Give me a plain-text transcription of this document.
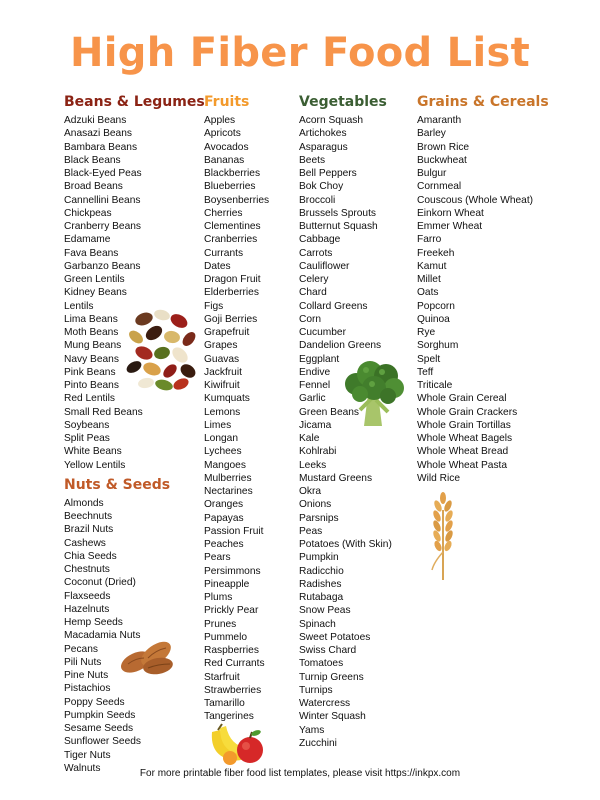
High Fiber Food List
Beans & Legumes
Adzuki Beans
Anasazi Beans
Bambara Beans
Black Beans
Black-Eyed Peas
Broad Beans
Cannellini Beans
Chickpeas
Cranberry Beans
Edamame
Fava Beans
Garbanzo Beans
Green Lentils
Kidney Beans
Lentils
Lima Beans
Moth Beans
Mung Beans
Navy Beans
Pink Beans
Pinto Beans
Red Lentils
Small Red Beans
Soybeans
Split Peas
White Beans
Yellow Lentils
Nuts & Seeds
Almonds
Beechnuts
Brazil Nuts
Cashews
Chia Seeds
Chestnuts
Coconut (Dried)
Flaxseeds
Hazelnuts
Hemp Seeds
Macadamia Nuts
Pecans
Pili Nuts
Pine Nuts
Pistachios
Poppy Seeds
Pumpkin Seeds
Sesame Seeds
Sunflower Seeds
Tiger Nuts
Walnuts
Fruits
Apples
Apricots
Avocados
Bananas
Blackberries
Blueberries
Boysenberries
Cherries
Clementines
Cranberries
Currants
Dates
Dragon Fruit
Elderberries
Figs
Goji Berries
Grapefruit
Grapes
Guavas
Jackfruit
Kiwifruit
Kumquats
Lemons
Limes
Longan
Lychees
Mangoes
Mulberries
Nectarines
Oranges
Papayas
Passion Fruit
Peaches
Pears
Persimmons
Pineapple
Plums
Prickly Pear
Prunes
Pummelo
Raspberries
Red Currants
Starfruit
Strawberries
Tamarillo
Tangerines
Vegetables
Acorn Squash
Artichokes
Asparagus
Beets
Bell Peppers
Bok Choy
Broccoli
Brussels Sprouts
Butternut Squash
Cabbage
Carrots
Cauliflower
Celery
Chard
Collard Greens
Corn
Cucumber
Dandelion Greens
Eggplant
Endive
Fennel
Garlic
Green Beans
Jicama
Kale
Kohlrabi
Leeks
Mustard Greens
Okra
Onions
Parsnips
Peas
Potatoes (With Skin)
Pumpkin
Radicchio
Radishes
Rutabaga
Snow Peas
Spinach
Sweet Potatoes
Swiss Chard
Tomatoes
Turnip Greens
Turnips
Watercress
Winter Squash
Yams
Zucchini
Grains & Cereals
Amaranth
Barley
Brown Rice
Buckwheat
Bulgur
Cornmeal
Couscous (Whole Wheat)
Einkorn Wheat
Emmer Wheat
Farro
Freekeh
Kamut
Millet
Oats
Popcorn
Quinoa
Rye
Sorghum
Spelt
Teff
Triticale
Whole Grain Cereal
Whole Grain Crackers
Whole Grain Tortillas
Whole Wheat Bagels
Whole Wheat Bread
Whole Wheat Pasta
Wild Rice
For more printable fiber food list templates, please visit https://inkpx.com
